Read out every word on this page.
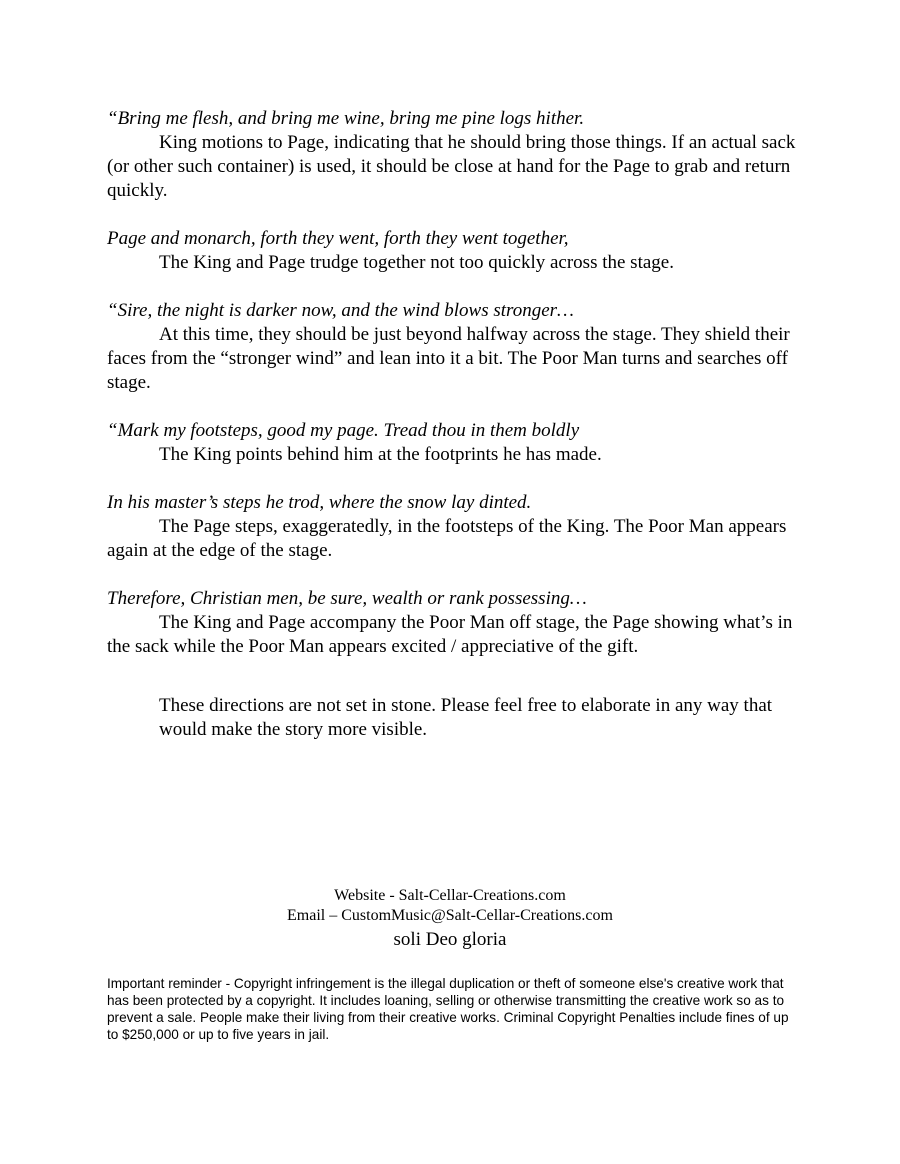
“Bring me flesh, and bring me wine, bring me pine logs hither.

King motions to Page, indicating that he should bring those things. If an actual sack (or other such container) is used, it should be close at hand for the Page to grab and return quickly.

Page and monarch, forth they went, forth they went together,

The King and Page trudge together not too quickly across the stage.

“Sire, the night is darker now, and the wind blows stronger…

At this time, they should be just beyond halfway across the stage. They shield their faces from the “stronger wind” and lean into it a bit. The Poor Man turns and searches off stage.

“Mark my footsteps, good my page. Tread thou in them boldly

The King points behind him at the footprints he has made.

In his master’s steps he trod, where the snow lay dinted.

The Page steps, exaggeratedly, in the footsteps of the King. The Poor Man appears again at the edge of the stage.

Therefore, Christian men, be sure, wealth or rank possessing…

The King and Page accompany the Poor Man off stage, the Page showing what’s in the sack while the Poor Man appears excited / appreciative of the gift.

These directions are not set in stone. Please feel free to elaborate in any way that would make the story more visible.

Website - Salt-Cellar-Creations.com

Email – CustomMusic@Salt-Cellar-Creations.com

soli Deo gloria

Important reminder - Copyright infringement is the illegal duplication or theft of someone else's creative work that has been protected by a copyright. It includes loaning, selling or otherwise transmitting the creative work so as to prevent a sale. People make their living from their creative works. Criminal Copyright Penalties include fines of up to $250,000 or up to five years in jail.
